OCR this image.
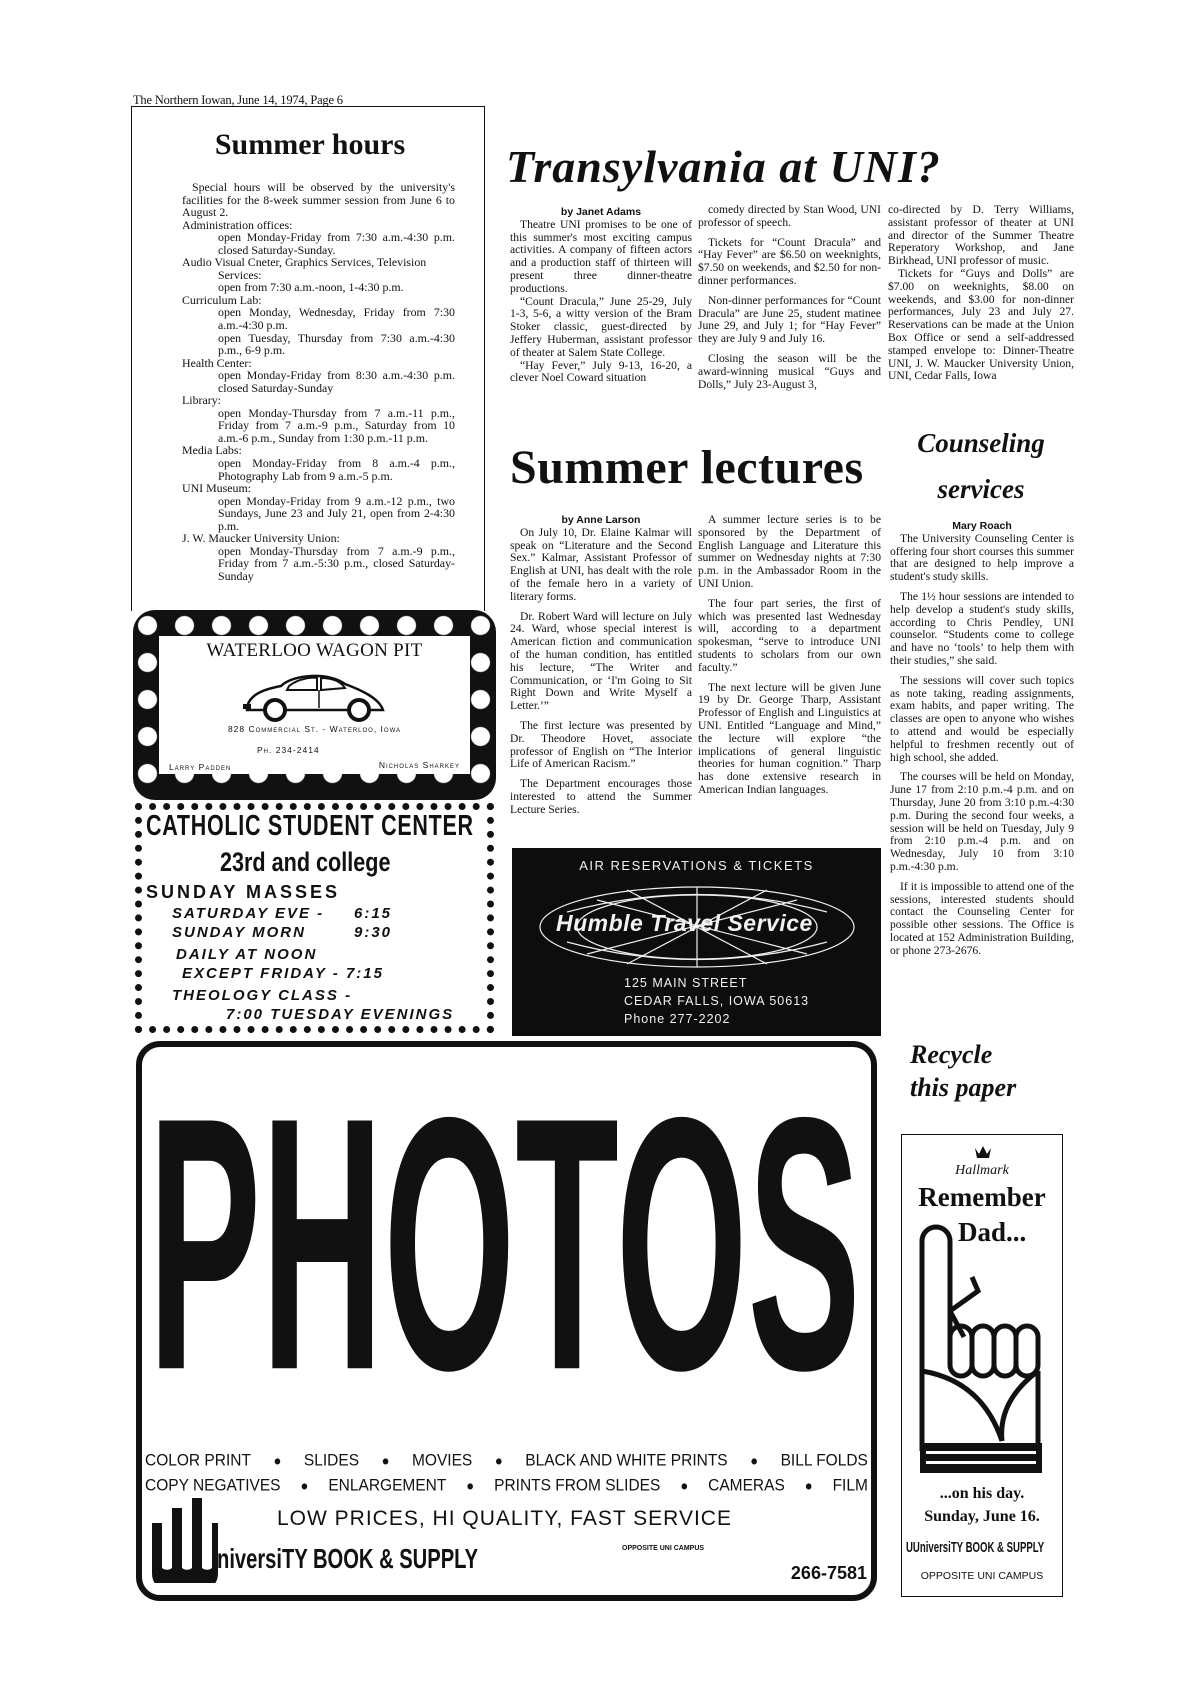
The Northern Iowan, June 14, 1974, Page 6
Summer hours

Special hours will be observed by the university's facilities for the 8-week summer session from June 6 to August 2.

Administration offices:

open Monday-Friday from 7:30 a.m.-4:30 p.m. closed Saturday-Sunday.

Audio Visual Cneter, Graphics Services, Television Services:

open from 7:30 a.m.-noon, 1-4:30 p.m.

Curriculum Lab:

open Monday, Wednesday, Friday from 7:30 a.m.-4:30 p.m.

open Tuesday, Thursday from 7:30 a.m.-4:30 p.m., 6-9 p.m.

Health Center:

open Monday-Friday from 8:30 a.m.-4:30 p.m. closed Saturday-Sunday

Library:

open Monday-Thursday from 7 a.m.-11 p.m., Friday from 7 a.m.-9 p.m., Saturday from 10 a.m.-6 p.m., Sunday from 1:30 p.m.-11 p.m.

Media Labs:

open Monday-Friday from 8 a.m.-4 p.m., Photography Lab from 9 a.m.-5 p.m.

UNI Museum:

open Monday-Friday from 9 a.m.-12 p.m., two Sundays, June 23 and July 21, open from 2-4:30 p.m.

J. W. Maucker University Union:

open Monday-Thursday from 7 a.m.-9 p.m., Friday from 7 a.m.-5:30 p.m., closed Saturday-Sunday

Transylvania at UNI?

by Janet Adams

Theatre UNI promises to be one of this summer's most exciting campus activities. A company of fifteen actors and a production staff of thirteen will present three dinner-theatre productions.

“Count Dracula,” June 25-29, July 1-3, 5-6, a witty version of the Bram Stoker classic, guest-directed by Jeffery Huberman, assistant professor of theater at Salem State College.

“Hay Fever,” July 9-13, 16-20, a clever Noel Coward situation

comedy directed by Stan Wood, UNI professor of speech.

Tickets for “Count Dracula” and “Hay Fever” are $6.50 on weeknights, $7.50 on weekends, and $2.50 for non-dinner performances.

Non-dinner performances for “Count Dracula” are June 25, student matinee June 29, and July 1; for “Hay Fever” they are July 9 and July 16.

Closing the season will be the award-winning musical “Guys and Dolls,” July 23-August 3,

co-directed by D. Terry Williams, assistant professor of theater at UNI and director of the Summer Theatre Reperatory Workshop, and Jane Birkhead, UNI professor of music.

Tickets for “Guys and Dolls” are $7.00 on weeknights, $8.00 on weekends, and $3.00 for non-dinner performances, July 23 and July 27. Reservations can be made at the Union Box Office or send a self-addressed stamped envelope to: Dinner-Theatre UNI, J. W. Maucker University Union, UNI, Cedar Falls, Iowa

Summer lectures

by Anne Larson

On July 10, Dr. Elaine Kalmar will speak on “Literature and the Second Sex.” Kalmar, Assistant Professor of English at UNI, has dealt with the role of the female hero in a variety of literary forms.

Dr. Robert Ward will lecture on July 24. Ward, whose special interest is American fiction and communication of the human condition, has entitled his lecture, “The Writer and Communication, or ‘I'm Going to Sit Right Down and Write Myself a Letter.’”

The first lecture was presented by Dr. Theodore Hovet, associate professor of English on “The Interior Life of American Racism.”

The Department encourages those interested to attend the Summer Lecture Series.

A summer lecture series is to be sponsored by the Department of English Language and Literature this summer on Wednesday nights at 7:30 p.m. in the Ambassador Room in the UNI Union.

The four part series, the first of which was presented last Wednesday will, according to a department spokesman, “serve to introduce UNI students to scholars from our own faculty.”

The next lecture will be given June 19 by Dr. George Tharp, Assistant Professor of English and Linguistics at UNI. Entitled “Language and Mind,” the lecture will explore “the implications of general linguistic theories for human cognition.” Tharp has done extensive research in American Indian languages.

Counseling
services

Mary Roach

The University Counseling Center is offering four short courses this summer that are designed to help improve a student's study skills.

The 1½ hour sessions are intended to help develop a student's study skills, according to Chris Pendley, UNI counselor. “Students come to college and have no ‘tools’ to help them with their studies,” she said.

The sessions will cover such topics as note taking, reading assignments, exam habits, and paper writing. The classes are open to anyone who wishes to attend and would be especially helpful to freshmen recently out of high school, she added.

The courses will be held on Monday, June 17 from 2:10 p.m.-4 p.m. and on Thursday, June 20 from 3:10 p.m.-4:30 p.m. During the second four weeks, a session will be held on Tuesday, July 9 from 2:10 p.m.-4 p.m. and on Wednesday, July 10 from 3:10 p.m.-4:30 p.m.

If it is impossible to attend one of the sessions, interested students should contact the Counseling Center for possible other sessions. The Office is located at 152 Administration Building, or phone 273-2676.

WATERLOO WAGON PIT
828 Commercial St. - Waterloo, Iowa
Ph. 234-2414
Larry Padden	Nicholas Sharkey
CATHOLIC STUDENT CENTER
23rd and college
SUNDAY MASSES
SATURDAY EVE - 6:15
SUNDAY MORN	9:30
DAILY AT NOON
EXCEPT FRIDAY - 7:15
THEOLOGY CLASS -
7:00 TUESDAY EVENINGS
AIR RESERVATIONS & TICKETS
Humble Travel Service
125 MAIN STREET
CEDAR FALLS, IOWA 50613
Phone 277-2202
PHOTOS
COLOR PRINT ● SLIDES ● MOVIES ● BLACK AND WHITE PRINTS ● BILL FOLDS
COPY NEGATIVES ● ENLARGEMENT ● PRINTS FROM SLIDES ● CAMERAS ● FILM
LOW PRICES, HI QUALITY, FAST SERVICE
niversiTY BOOK & SUPPLY	OPPOSITE UNI CAMPUS
266-7581
Recycle
this paper
Hallmark
Remember
Dad...
...on his day.
Sunday, June 16.
UUniversiTY BOOK & SUPPLY
OPPOSITE UNI CAMPUS
